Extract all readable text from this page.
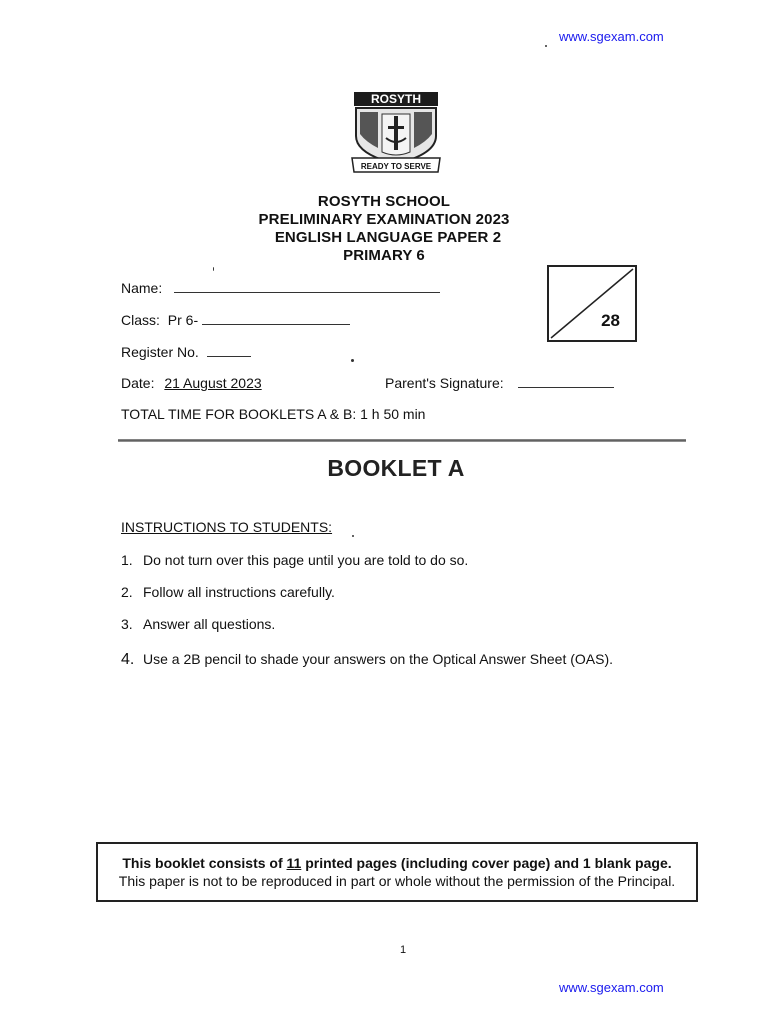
www.sgexam.com
ROSYTH
READY TO SERVE
ROSYTH SCHOOL
PRELIMINARY EXAMINATION 2023
ENGLISH LANGUAGE PAPER 2
PRIMARY 6
Name:
Class: Pr 6-
Register No.
Date: 21 August 2023	Parent's Signature:
TOTAL TIME FOR BOOKLETS A & B: 1 h 50 min
28
BOOKLET A
INSTRUCTIONS TO STUDENTS:
1. Do not turn over this page until you are told to do so.
2. Follow all instructions carefully.
3. Answer all questions.
4. Use a 2B pencil to shade your answers on the Optical Answer Sheet (OAS).
This booklet consists of 11 printed pages (including cover page) and 1 blank page.
This paper is not to be reproduced in part or whole without the permission of the Principal.
1
www.sgexam.com
